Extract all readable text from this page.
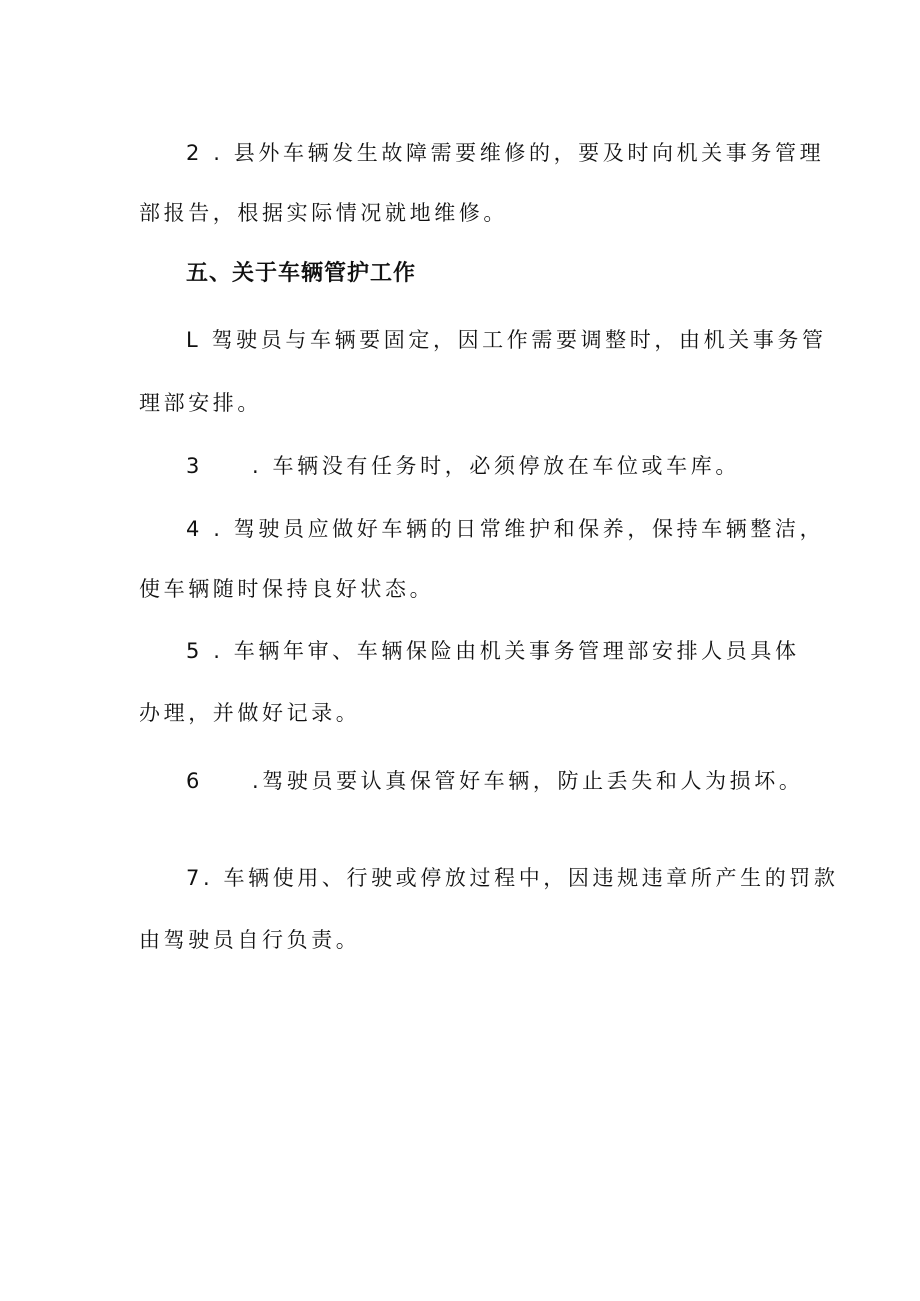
2 . 县外车辆发生故障需要维修的，要及时向机关事务管理
部报告，根据实际情况就地维修。
五、关于车辆管护工作
L 驾驶员与车辆要固定，因工作需要调整时，由机关事务管
理部安排。
3 . 车辆没有任务时，必须停放在车位或车库。
4 . 驾驶员应做好车辆的日常维护和保养，保持车辆整洁，
使车辆随时保持良好状态。
5 . 车辆年审、车辆保险由机关事务管理部安排人员具体
办理，并做好记录。
6 .驾驶员要认真保管好车辆，防止丢失和人为损坏。
7. 车辆使用、行驶或停放过程中，因违规违章所产生的罚款
由驾驶员自行负责。
